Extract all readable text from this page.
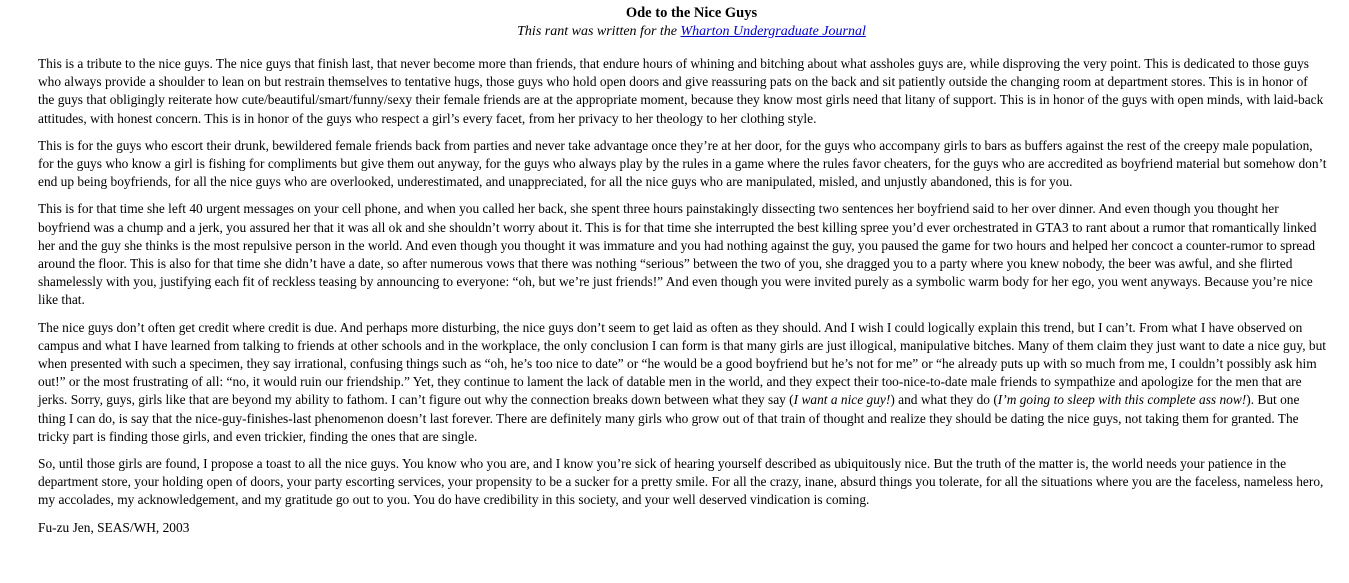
Ode to the Nice Guys

This rant was written for the Wharton Undergraduate Journal

This is a tribute to the nice guys. The nice guys that finish last, that never become more than friends, that endure hours of whining and bitching about what assholes guys are, while disproving the very point. This is dedicated to those guys who always provide a shoulder to lean on but restrain themselves to tentative hugs, those guys who hold open doors and give reassuring pats on the back and sit patiently outside the changing room at department stores. This is in honor of the guys that obligingly reiterate how cute/beautiful/smart/funny/sexy their female friends are at the appropriate moment, because they know most girls need that litany of support. This is in honor of the guys with open minds, with laid-back attitudes, with honest concern. This is in honor of the guys who respect a girl’s every facet, from her privacy to her theology to her clothing style.

This is for the guys who escort their drunk, bewildered female friends back from parties and never take advantage once they’re at her door, for the guys who accompany girls to bars as buffers against the rest of the creepy male population, for the guys who know a girl is fishing for compliments but give them out anyway, for the guys who always play by the rules in a game where the rules favor cheaters, for the guys who are accredited as boyfriend material but somehow don’t end up being boyfriends, for all the nice guys who are overlooked, underestimated, and unappreciated, for all the nice guys who are manipulated, misled, and unjustly abandoned, this is for you.

This is for that time she left 40 urgent messages on your cell phone, and when you called her back, she spent three hours painstakingly dissecting two sentences her boyfriend said to her over dinner. And even though you thought her boyfriend was a chump and a jerk, you assured her that it was all ok and she shouldn’t worry about it. This is for that time she interrupted the best killing spree you’d ever orchestrated in GTA3 to rant about a rumor that romantically linked her and the guy she thinks is the most repulsive person in the world. And even though you thought it was immature and you had nothing against the guy, you paused the game for two hours and helped her concoct a counter-rumor to spread around the floor. This is also for that time she didn’t have a date, so after numerous vows that there was nothing “serious” between the two of you, she dragged you to a party where you knew nobody, the beer was awful, and she flirted shamelessly with you, justifying each fit of reckless teasing by announcing to everyone: “oh, but we’re just friends!” And even though you were invited purely as a symbolic warm body for her ego, you went anyways. Because you’re nice like that.

The nice guys don’t often get credit where credit is due. And perhaps more disturbing, the nice guys don’t seem to get laid as often as they should. And I wish I could logically explain this trend, but I can’t. From what I have observed on campus and what I have learned from talking to friends at other schools and in the workplace, the only conclusion I can form is that many girls are just illogical, manipulative bitches. Many of them claim they just want to date a nice guy, but when presented with such a specimen, they say irrational, confusing things such as “oh, he’s too nice to date” or “he would be a good boyfriend but he’s not for me” or “he already puts up with so much from me, I couldn’t possibly ask him out!” or the most frustrating of all: “no, it would ruin our friendship.” Yet, they continue to lament the lack of datable men in the world, and they expect their too-nice-to-date male friends to sympathize and apologize for the men that are jerks. Sorry, guys, girls like that are beyond my ability to fathom. I can’t figure out why the connection breaks down between what they say (I want a nice guy!) and what they do (I’m going to sleep with this complete ass now!). But one thing I can do, is say that the nice-guy-finishes-last phenomenon doesn’t last forever. There are definitely many girls who grow out of that train of thought and realize they should be dating the nice guys, not taking them for granted. The tricky part is finding those girls, and even trickier, finding the ones that are single.

So, until those girls are found, I propose a toast to all the nice guys. You know who you are, and I know you’re sick of hearing yourself described as ubiquitously nice. But the truth of the matter is, the world needs your patience in the department store, your holding open of doors, your party escorting services, your propensity to be a sucker for a pretty smile. For all the crazy, inane, absurd things you tolerate, for all the situations where you are the faceless, nameless hero, my accolades, my acknowledgement, and my gratitude go out to you. You do have credibility in this society, and your well deserved vindication is coming.

Fu-zu Jen, SEAS/WH, 2003
